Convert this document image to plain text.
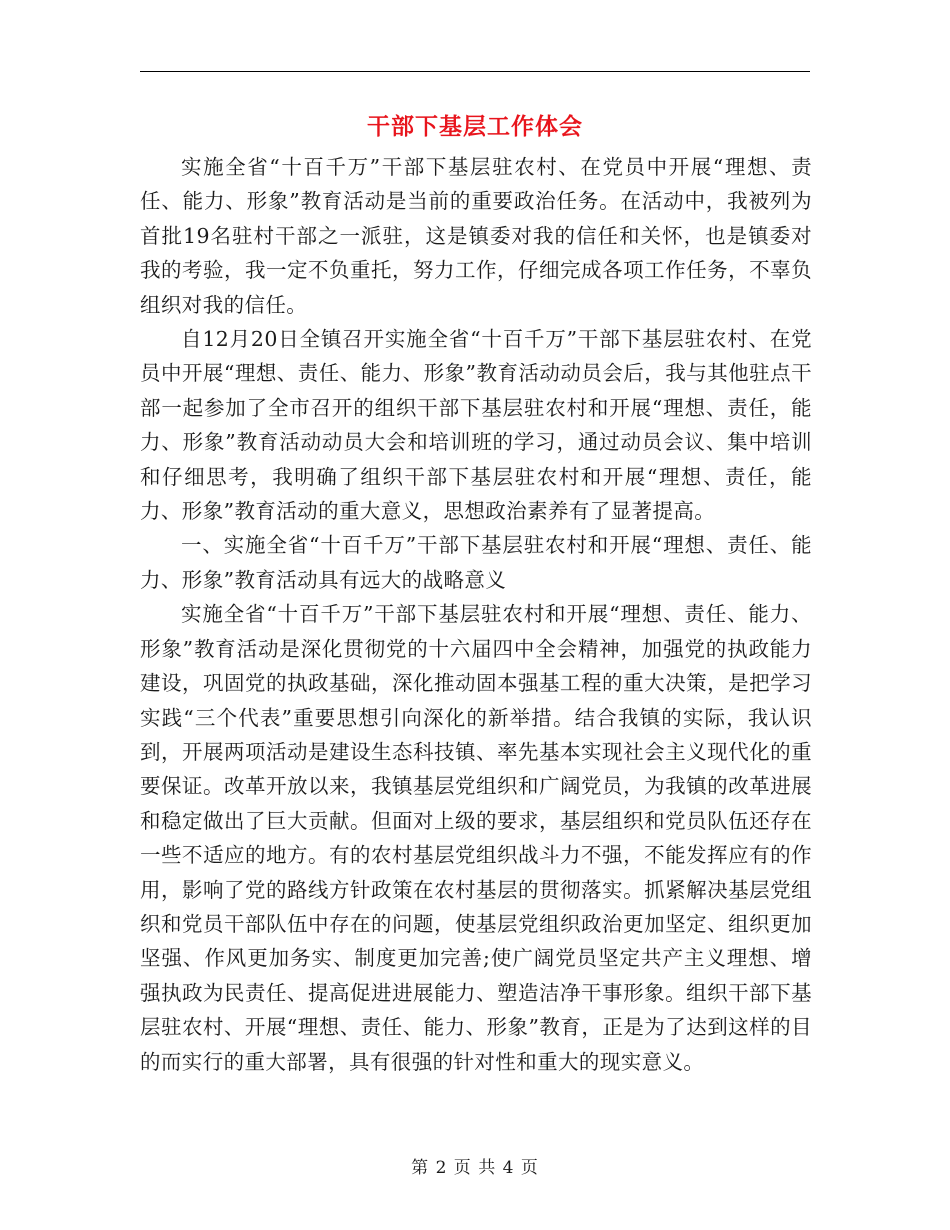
干部下基层工作体会

实施全省“十百千万”干部下基层驻农村、在党员中开展“理想、责任、能力、形象”教育活动是当前的重要政治任务。在活动中，我被列为首批19名驻村干部之一派驻，这是镇委对我的信任和关怀，也是镇委对我的考验，我一定不负重托，努力工作，仔细完成各项工作任务，不辜负组织对我的信任。

自12月20日全镇召开实施全省“十百千万”干部下基层驻农村、在党员中开展“理想、责任、能力、形象”教育活动动员会后，我与其他驻点干部一起参加了全市召开的组织干部下基层驻农村和开展“理想、责任，能力、形象”教育活动动员大会和培训班的学习，通过动员会议、集中培训和仔细思考，我明确了组织干部下基层驻农村和开展“理想、责任，能力、形象”教育活动的重大意义，思想政治素养有了显著提高。

一、实施全省“十百千万”干部下基层驻农村和开展“理想、责任、能力、形象”教育活动具有远大的战略意义

实施全省“十百千万”干部下基层驻农村和开展“理想、责任、能力、形象”教育活动是深化贯彻党的十六届四中全会精神，加强党的执政能力建设，巩固党的执政基础，深化推动固本强基工程的重大决策，是把学习实践“三个代表”重要思想引向深化的新举措。结合我镇的实际，我认识到，开展两项活动是建设生态科技镇、率先基本实现社会主义现代化的重要保证。改革开放以来，我镇基层党组织和广阔党员，为我镇的改革进展和稳定做出了巨大贡献。但面对上级的要求，基层组织和党员队伍还存在一些不适应的地方。有的农村基层党组织战斗力不强，不能发挥应有的作用，影响了党的路线方针政策在农村基层的贯彻落实。抓紧解决基层党组织和党员干部队伍中存在的问题，使基层党组织政治更加坚定、组织更加坚强、作风更加务实、制度更加完善;使广阔党员坚定共产主义理想、增强执政为民责任、提高促进进展能力、塑造洁净干事形象。组织干部下基层驻农村、开展“理想、责任、能力、形象”教育，正是为了达到这样的目的而实行的重大部署，具有很强的针对性和重大的现实意义。

第 2 页 共 4 页
